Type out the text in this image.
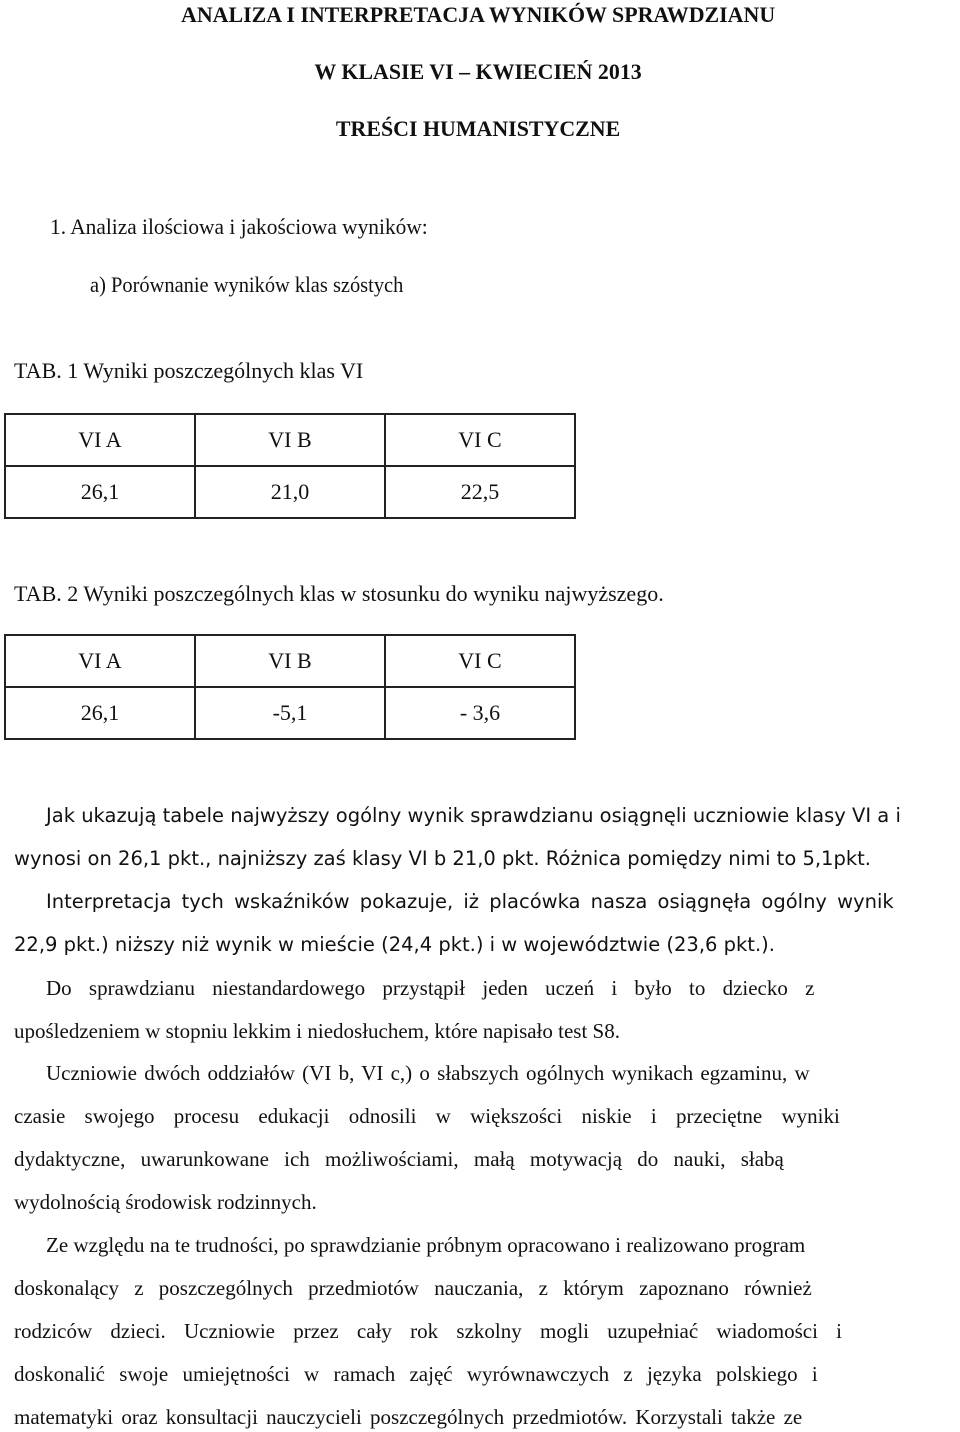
ANALIZA I INTERPRETACJA WYNIKÓW SPRAWDZIANU
W KLASIE VI – KWIECIEŃ 2013
TREŚCI HUMANISTYCZNE
1. Analiza ilościowa i jakościowa wyników:
a) Porównanie wyników klas szóstych
TAB. 1 Wyniki poszczególnych klas VI
VI A	VI B	VI C
26,1	21,0	22,5
TAB. 2 Wyniki poszczególnych klas w stosunku do wyniku najwyższego.
VI A	VI B	VI C
26,1	-5,1	- 3,6
Jak ukazują tabele najwyższy ogólny wynik sprawdzianu osiągnęli uczniowie klasy VI a i
wynosi on 26,1 pkt., najniższy zaś klasy VI b 21,0 pkt. Różnica pomiędzy nimi to 5,1pkt.
Interpretacja tych wskaźników pokazuje, iż placówka nasza osiągnęła ogólny wynik
22,9 pkt.) niższy niż wynik w mieście (24,4 pkt.) i w województwie (23,6 pkt.).
Do sprawdzianu niestandardowego przystąpił jeden uczeń i było to dziecko z
upośledzeniem w stopniu lekkim i niedosłuchem, które napisało test S8.
Uczniowie dwóch oddziałów (VI b, VI c,) o słabszych ogólnych wynikach egzaminu, w
czasie swojego procesu edukacji odnosili w większości niskie i przeciętne wyniki
dydaktyczne, uwarunkowane ich możliwościami, małą motywacją do nauki, słabą
wydolnością środowisk rodzinnych.
Ze względu na te trudności, po sprawdzianie próbnym opracowano i realizowano program
doskonalący z poszczególnych przedmiotów nauczania, z którym zapoznano również
rodziców dzieci. Uczniowie przez cały rok szkolny mogli uzupełniać wiadomości i
doskonalić swoje umiejętności w ramach zajęć wyrównawczych z języka polskiego i
matematyki oraz konsultacji nauczycieli poszczególnych przedmiotów. Korzystali także ze
